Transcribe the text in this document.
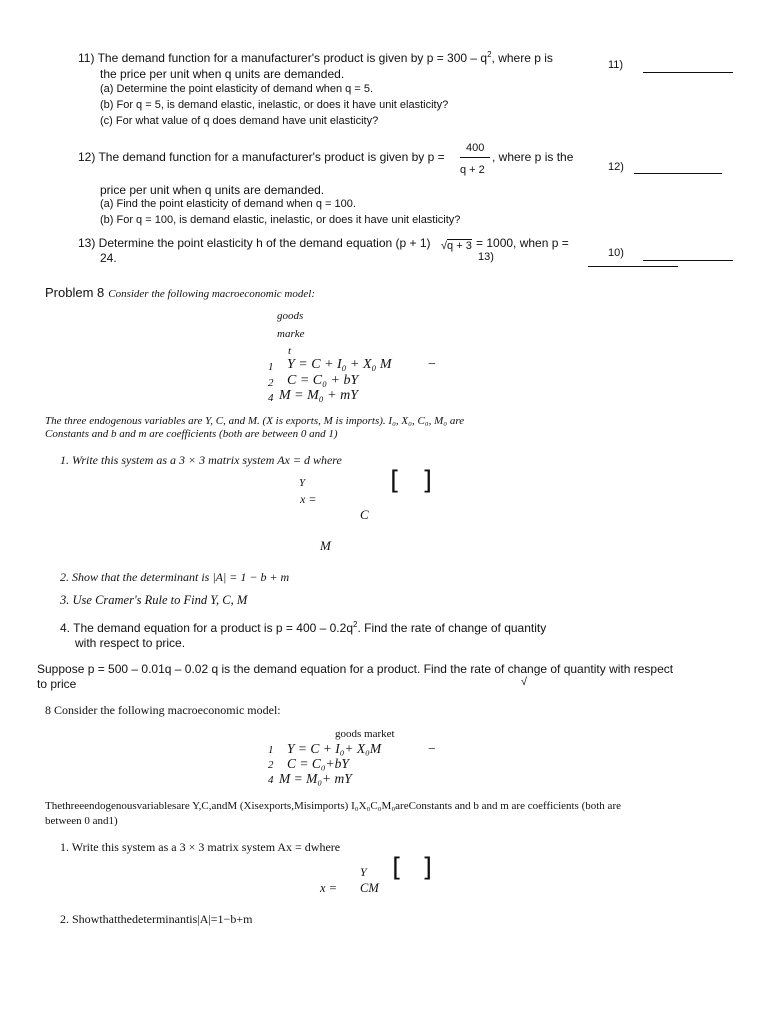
11) The demand function for a manufacturer's product is given by $p = 300 - q^2$, where p is
the price per unit when q units are demanded.
(a) Determine the point elasticity of demand when q = 5.
(b) For q = 5, is demand elastic, inelastic, or does it have unit elasticity?
(c) For what value of q does demand have unit elasticity?
11)
12) The demand function for a manufacturer's product is given by p =
400
q + 2
, where p is the
price per unit when q units are demanded.
(a) Find the point elasticity of demand when q = 100.
(b) For q = 100, is demand elastic, inelastic, or does it have unit elasticity?
12)
13) Determine the point elasticity h of the demand equation (p + 1) √q + 3 = 1000, when p =
24.	13)	10)
Problem 8 Consider the following macroeconomic model:
goods
marke
t
1 Y = C + I₀ + X₀ M	−
2 C = C₀ + bY
4 M = M₀ + mY
The three endogenous variables are Y, C, and M. (X is exports, M is imports). I₀, X₀, C₀, M₀ are
Constants and b and m are coefficients (both are between 0 and 1)
1. Write this system as a 3 × 3 matrix system Ax = d where
Y
x =
[ ]
C
M
2. Show that the determinant is |A| = 1 − b + m
3. Use Cramer's Rule to Find Y, C, M
4. The demand equation for a product is $p = 400 - 0.2q^2$. Find the rate of change of quantity
with respect to price.
Suppose p = 500 – 0.01q – 0.02 q is the demand equation for a product. Find the rate of change of quantity with respect
to price	√
8 Consider the following macroeconomic model:
goods market
1 Y = C + I₀+ X₀M	−
2 C = C₀+bY
4 M = M₀+ mY
Thethreeendogenousvariablesare Y,C,andM (Xisexports,Misimports) I₀X₀C₀M₀areConstants and b and m are coefficients (both are
between 0 and1)
1. Write this system as a 3 × 3 matrix system Ax = dwhere
Y [ ]
x = CM
2. Showthatthedeterminantis|A|=1−b+m
